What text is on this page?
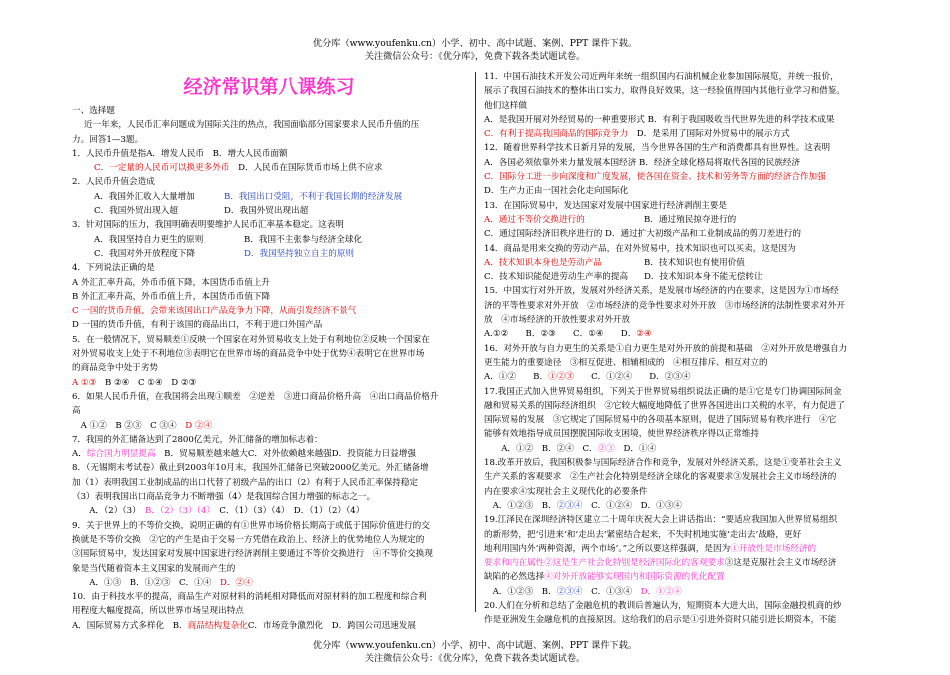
优分库（www.youfenku.cn）小学、初中、高中试题、案例、PPT 课件下载。
关注微信公众号：《优分库》，免费下载各类试题试卷。
经济常识第八课练习
一、选择题
近一年来，人民币汇率问题成为国际关注的热点，我国面临部分国家要求人民币升值的压
力。回答1—3题。
1．人民币升值是指A．增发人民币　B．增大人民币面额
C．一定量的人民币可以换更多外币　 D．人民币在国际货币市场上供不应求
2．人民币升值会造成
A．我国外汇收入大量增加	B．我国出口受阻，不利于我国长期的经济发展
C．我国外贸出现入超	D．我国外贸出现出超
3．针对国际的压力，我国明确表明要维护人民币汇率基本稳定。这表明
A．我国坚持自力更生的原则	B．我国不主张参与经济全球化
C．我国对外开放程度下降	D．我国坚持独立自主的原则
4．下列说法正确的是
A 外汇汇率升高，外币币值下降，本国货币币值上升
B 外汇汇率升高，外币币值上升，本国货币币值下降
C 一国的货币升值，会带来该国出口产品竞争力下降，从而引发经济不景气
D 一国的货币升值，有利于该国的商品出口，不利于进口外国产品
5．在一般情况下，贸易顺差①反映一个国家在对外贸易收支上处于有利地位②反映一个国家在
对外贸易收支上处于不利地位③表明它在世界市场的商品竞争中处于优势④表明它在世界市场
的商品竞争中处于劣势
A ①③　B ②④　C ①④　D ②③
6．如果人民币升值，在我国将会出现①顺差　②逆差　③进口商品价格升高　④出口商品价格升
高
　A ①②　B ②③　C ③④　D ②④
7．我国的外汇储备达到了2800亿美元，外汇储备的增加标志着：
A．综合国力明显提高　B．贸易顺差越来越大C．对外依赖越来越强D．投资能力日益增强
8．（无锡期末考试卷）截止到2003年10月末，我国外汇储备已突破2000亿美元。外汇储备增
加（1）表明我国工业制成品的出口代替了初级产品的出口（2）有利于人民币汇率保持稳定
（3）表明我国出口商品竞争力不断增强（4）是我国综合国力增强的标志之一。
　　A．（2）（3）　B．（2）（3）（4）　C．（1）（3）（4）　D．（1）（2）（4）
9．关于世界上的不等价交换，说明正确的有①世界市场价格长期高于或低于国际价值进行的交
换就是不等价交换　②它的产生是由于交易一方凭借在政治上、经济上的优势地位人为规定的
③国际贸易中，发达国家对发展中国家进行经济剥削主要通过不等价交换进行　④不等价交换现
象是当代随着资本主义国家的发展而产生的
　　A．①③　B．①②③　C．①④　D．②④
10．由于科技水平的提高，商品生产对原材料的消耗相对降低而对原材料的加工程度和综合利
用程度大幅度提高，所以世界市场呈现出特点
A．国际贸易方式多样化　B．商品结构复杂化C．市场竞争激烈化　D．跨国公司迅速发展
11．中国石油技术开发公司近两年来统一组织国内石油机械企业参加国际展览，并统一报价，
展示了我国石油技术的整体出口实力，取得良好效果，这一经验值得国内其他行业学习和借鉴。
他们这样做
A．是我国开展对外经贸易的一种重要形式 B．有利于我国吸收当代世界先进的科学技术成果
C．有利于提高我国商品的国际竞争力　 D．是采用了国际对外贸易中的展示方式
12．随着世界科学技术日新月异的发展，当今世界各国的生产和消费都具有世界性。这表明
A．各国必须依靠外来力量发展本国经济 B．经济全球化格局将取代各国的民族经济
C．国际分工进一步向深度和广度发展，使各国在资金、技术和劳务等方面的经济合作加强
D．生产力正由一国社会化走向国际化
13．在国际贸易中，发达国家对发展中国家进行经济剥削主要是
A．通过不等价交换进行的	B．通过殖民掠夺进行的
C．通过国际经济旧秩序进行的 D．通过扩大初级产品和工业制成品的剪刀差进行的
14．商品是用来交换的劳动产品，在对外贸易中，技术知识也可以买卖，这是因为
A．技术知识本身也是劳动产品	B．技术知识也有使用价值
C．技术知识能促进劳动生产率的提高 D．技术知识本身不能无偿转让
15．中国实行对外开放，发展对外经济关系，是发展市场经济的内在要求，这是因为①市场经
济的平等性要求对外开放　②市场经济的竞争性要求对外开放　③市场经济的法制性要求对外开
放　④市场经济的开放性要求对外开放
A.①②　　B．②③　　C．①④　　D．②④
16．对外开放与自力更生的关系是①自力更生是对外开放的前提和基础　②对外开放是增强自力
更生能力的重要途径　③相互促进、相辅相成的　④相互排斥、相互对立的
A．①②　　B．①②③　　C．①②④　　D．②③④
17.我国正式加入世界贸易组织，下列关于世界贸易组织说法正确的是①它是专门协调国际间金
融和贸易关系的国际经济组织　②它较大幅度地降低了世界各国进出口关税的水平，有力促进了
国际贸易的发展　③它规定了国际贸易中的各项基本原则，促进了国际贸易有秩序进行　④它
能够有效地指导成员国摆脱国际收支困境，使世界经济秩序得以正常维持
　　A．①②　B．②④　C．②③　D．①④
18.改革开放后，我国积极参与国际经济合作和竞争，发展对外经济关系，这是①变革社会主义
生产关系的客观要求　②生产社会化特别是经济全球化的客观要求③发展社会主义市场经济的
内在要求④实现社会主义现代化的必要条件
　A．①②③　B．②③④　C．①②④　D．①③④
19.江泽民在深圳经济特区建立二十周年庆祝大会上讲话指出：“要适应我国加入世界贸易组织
的新形势，把‘引进来’和‘走出去’紧密结合起来，不失时机地实施‘走出去’战略，更好
地利用国内外‘两种资源，两个市场’。”之所以要这样强调，是因为①开放性是市场经济的
要求和内在属性②这是生产社会化特别是经济国际化的客观要求③这是克服社会主义市场经济
缺陷的必然选择④对外开放能够实现国内和国际资源的优化配置
　A．①②③　B．②③④　C．①③④　D．①②④
20.人们在分析和总结了金融危机的教训后普遍认为，短期资本大进大出，国际金融投机商的炒
作是亚洲发生金融危机的直接原因。这给我们的启示是①引进外资时只能引进长期资本，不能
优分库（www.youfenku.cn）小学、初中、高中试题、案例、PPT 课件下载。
关注微信公众号：《优分库》，免费下载各类试题试卷。
